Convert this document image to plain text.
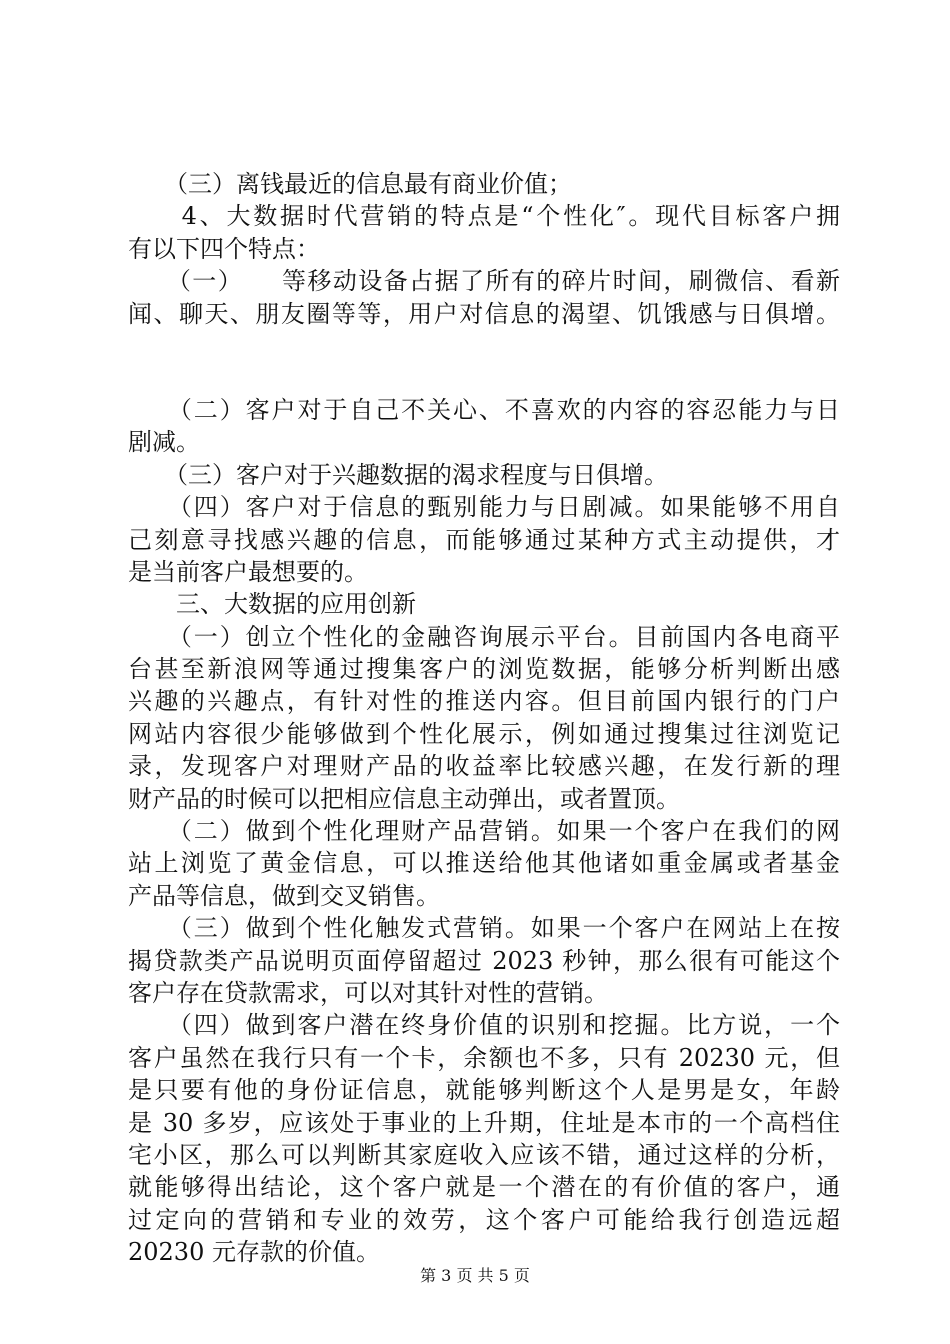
　　（三）离钱最近的信息最有商业价值；
　　4、大数据时代营销的特点是“个性化″。现代目标客户拥
有以下四个特点：
　　（一）　　等移动设备占据了所有的碎片时间，刷微信、看新
闻、聊天、朋友圈等等，用户对信息的渴望、饥饿感与日俱增。
　　（二）客户对于自己不关心、不喜欢的内容的容忍能力与日
剧减。
　　（三）客户对于兴趣数据的渴求程度与日俱增。
　　（四）客户对于信息的甄别能力与日剧减。如果能够不用自
己刻意寻找感兴趣的信息，而能够通过某种方式主动提供，才
是当前客户最想要的。
　　三、大数据的应用创新
　　（一）创立个性化的金融咨询展示平台。目前国内各电商平
台甚至新浪网等通过搜集客户的浏览数据，能够分析判断出感
兴趣的兴趣点，有针对性的推送内容。但目前国内银行的门户
网站内容很少能够做到个性化展示，例如通过搜集过往浏览记
录，发现客户对理财产品的收益率比较感兴趣，在发行新的理
财产品的时候可以把相应信息主动弹出，或者置顶。
　　（二）做到个性化理财产品营销。如果一个客户在我们的网
站上浏览了黄金信息，可以推送给他其他诸如重金属或者基金
产品等信息，做到交叉销售。
　　（三）做到个性化触发式营销。如果一个客户在网站上在按
揭贷款类产品说明页面停留超过 2023 秒钟，那么很有可能这个
客户存在贷款需求，可以对其针对性的营销。
　　（四）做到客户潜在终身价值的识别和挖掘。比方说，一个
客户虽然在我行只有一个卡，余额也不多，只有 20230 元，但
是只要有他的身份证信息，就能够判断这个人是男是女，年龄
是 30 多岁，应该处于事业的上升期，住址是本市的一个高档住
宅小区，那么可以判断其家庭收入应该不错，通过这样的分析，
就能够得出结论，这个客户就是一个潜在的有价值的客户，通
过定向的营销和专业的效劳，这个客户可能给我行创造远超
20230 元存款的价值。
第 3 页 共 5 页
